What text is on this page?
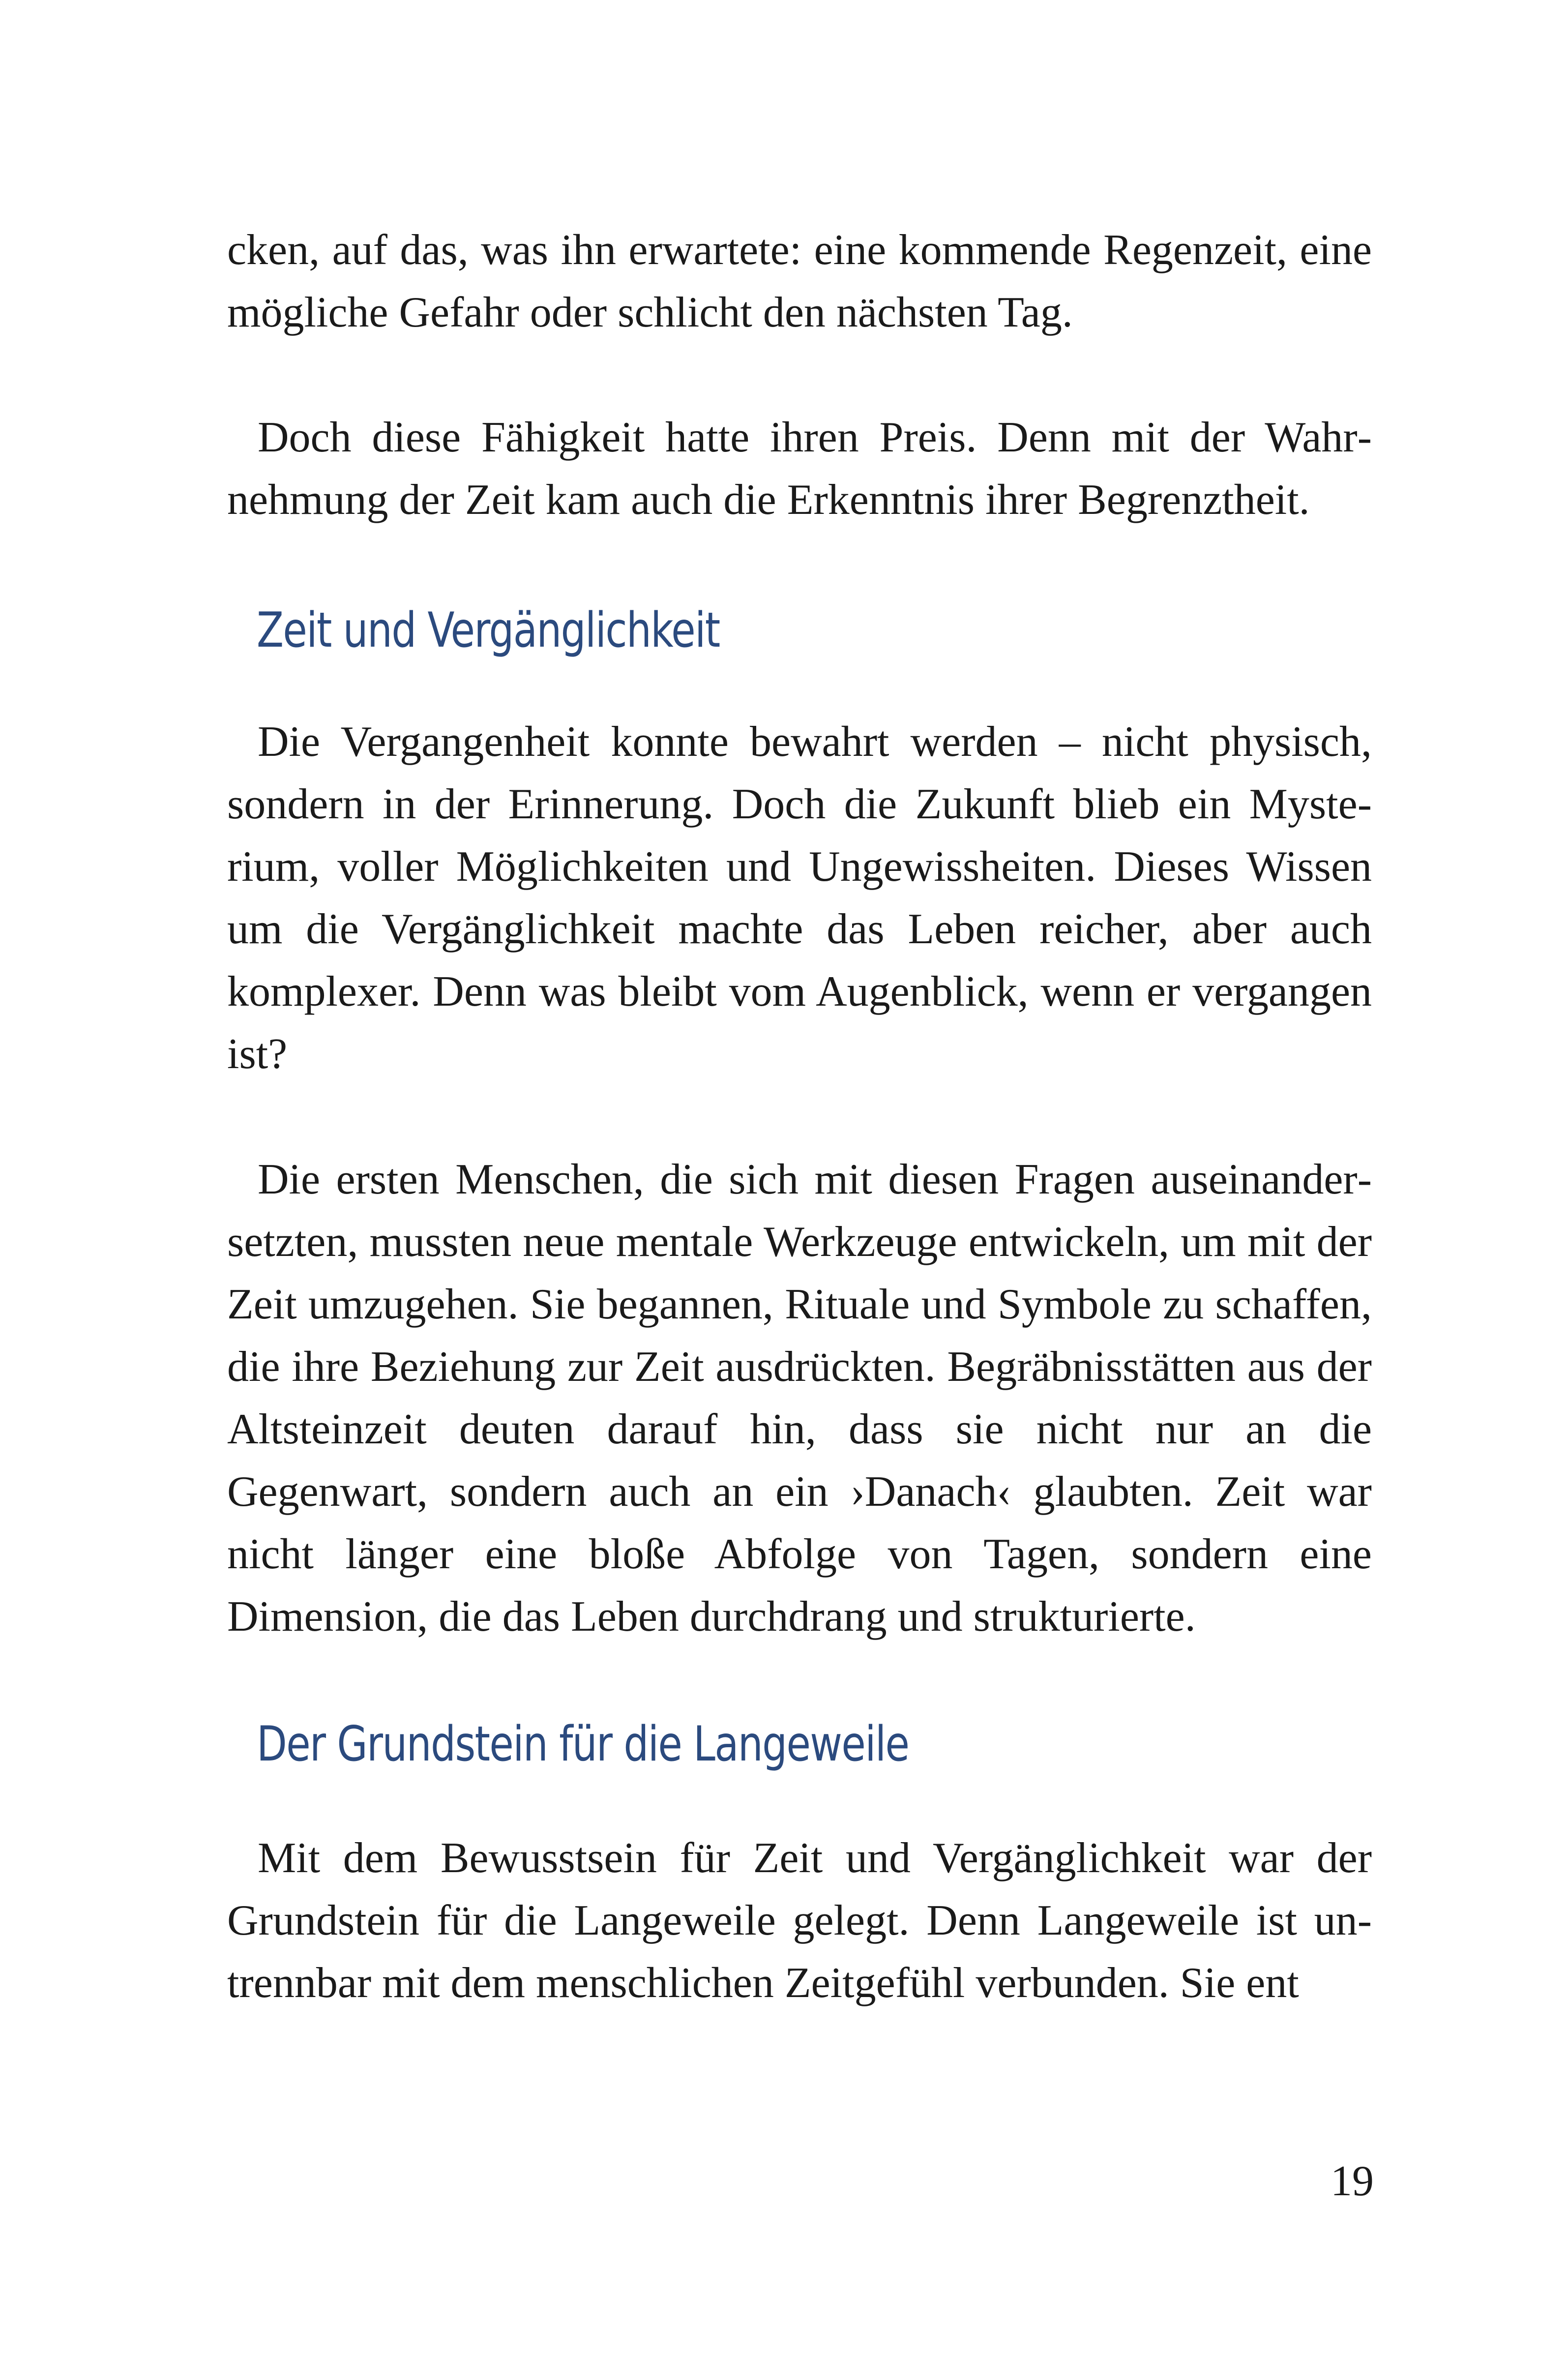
cken, auf das, was ihn erwartete: eine kommende Regenzeit, eine mögliche Gefahr oder schlicht den nächsten Tag.

Doch diese Fähigkeit hatte ihren Preis. Denn mit der Wahrnehmung der Zeit kam auch die Erkenntnis ihrer Begrenztheit.

Zeit und Vergänglichkeit

Die Vergangenheit konnte bewahrt werden – nicht physisch, sondern in der Erinnerung. Doch die Zukunft blieb ein Mysterium, voller Möglichkeiten und Ungewissheiten. Dieses Wissen um die Vergänglichkeit machte das Leben reicher, aber auch komplexer. Denn was bleibt vom Augenblick, wenn er vergangen ist?

Die ersten Menschen, die sich mit diesen Fragen auseinandersetzten, mussten neue mentale Werkzeuge entwickeln, um mit der Zeit umzugehen. Sie begannen, Rituale und Symbole zu schaffen, die ihre Beziehung zur Zeit ausdrückten. Begräbnisstätten aus der Altsteinzeit deuten darauf hin, dass sie nicht nur an die Gegenwart, sondern auch an ein ›Danach‹ glaubten. Zeit war nicht länger eine bloße Abfolge von Tagen, sondern eine Dimension, die das Leben durchdrang und strukturierte.

Der Grundstein für die Langeweile

Mit dem Bewusstsein für Zeit und Vergänglichkeit war der Grundstein für die Langeweile gelegt. Denn Langeweile ist untrennbar mit dem menschlichen Zeitgefühl verbunden. Sie ent

19
